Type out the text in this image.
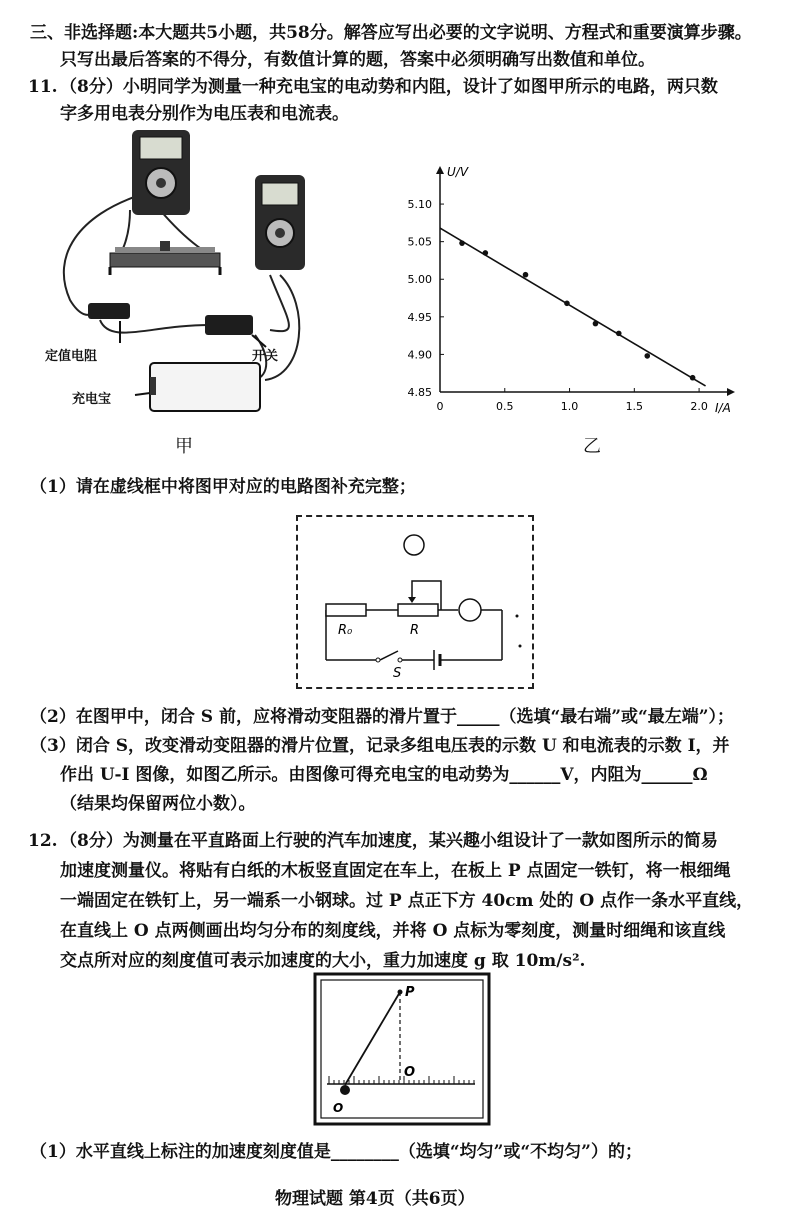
三、非选择题:本大题共5小题，共58分。解答应写出必要的文字说明、方程式和重要演算步骤。
只写出最后答案的不得分，有数值计算的题，答案中必须明确写出数值和单位。
11. （8分）小明同学为测量一种充电宝的电动势和内阻，设计了如图甲所示的电路，两只数
字多用电表分别作为电压表和电流表。
定值电阻	开关
充电宝
甲
U/V
I/A
0	0.5	1.0	1.5	2.0
4.85
4.90
4.95
5.00
5.05
5.10
乙
（1）请在虚线框中将图甲对应的电路图补充完整；
R₀	R
S
（2）在图甲中，闭合 S 前，应将滑动变阻器的滑片置于_____（选填“最右端”或“最左端”）；
（3）闭合 S，改变滑动变阻器的滑片位置，记录多组电压表的示数 U 和电流表的示数 I，并
作出 U-I 图像，如图乙所示。由图像可得充电宝的电动势为______V，内阻为______Ω
（结果均保留两位小数）。
12. （8分）为测量在平直路面上行驶的汽车加速度，某兴趣小组设计了一款如图所示的简易
加速度测量仪。将贴有白纸的木板竖直固定在车上，在板上 P 点固定一铁钉，将一根细绳
一端固定在铁钉上，另一端系一小钢球。过 P 点正下方 40cm 处的 O 点作一条水平直线，
在直线上 O 点两侧画出均匀分布的刻度线，并将 O 点标为零刻度，测量时细绳和该直线
交点所对应的刻度值可表示加速度的大小，重力加速度 g 取 10m/s².
P
O
O
（1）水平直线上标注的加速度刻度值是________（选填“均匀”或“不均匀”）的；
物理试题 第4页（共6页）
